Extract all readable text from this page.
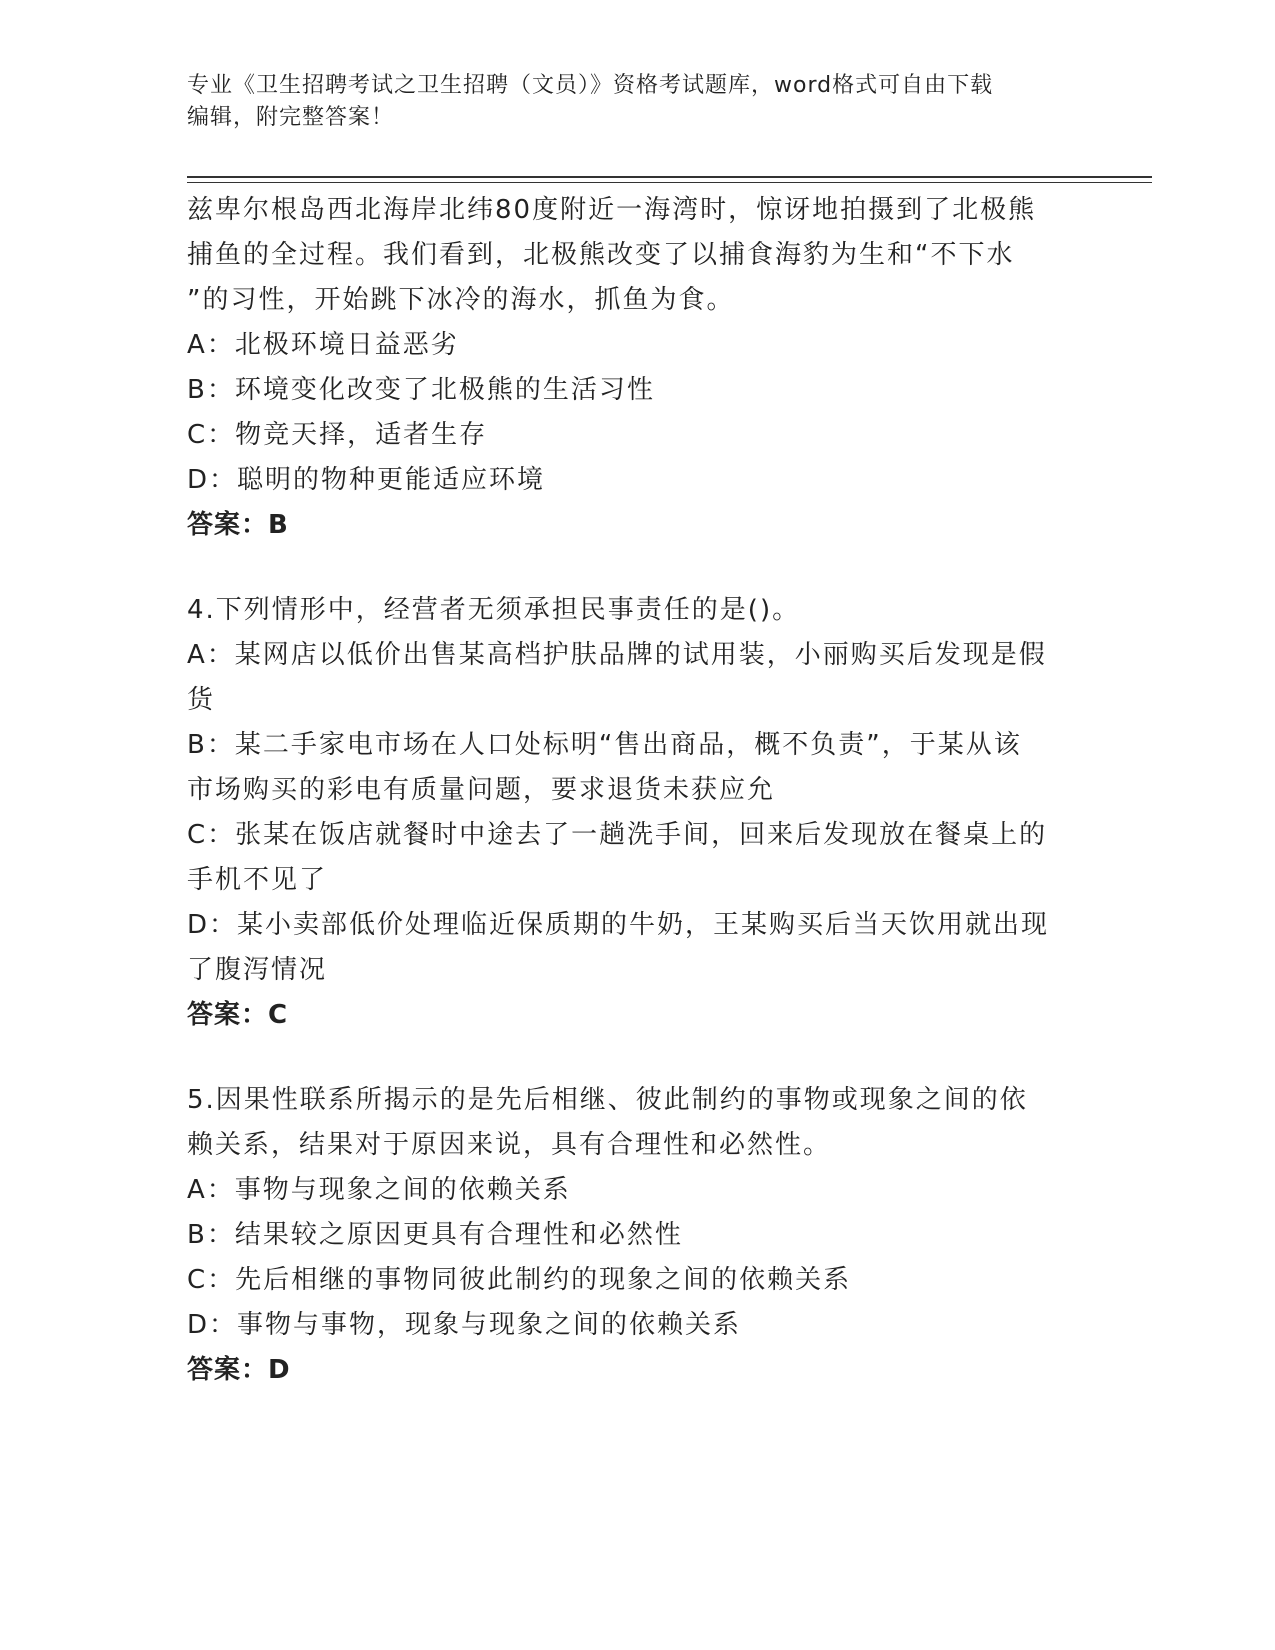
专业《卫生招聘考试之卫生招聘（文员）》资格考试题库，word格式可自由下载
编辑，附完整答案！
兹卑尔根岛西北海岸北纬80度附近一海湾时，惊讶地拍摄到了北极熊
捕鱼的全过程。我们看到，北极熊改变了以捕食海豹为生和“不下水
”的习性，开始跳下冰冷的海水，抓鱼为食。
A：北极环境日益恶劣
B：环境变化改变了北极熊的生活习性
C：物竞天择，适者生存
D：聪明的物种更能适应环境
答案：B
4.下列情形中，经营者无须承担民事责任的是()。
A：某网店以低价出售某高档护肤品牌的试用装，小丽购买后发现是假
货
B：某二手家电市场在人口处标明“售出商品，概不负责”，于某从该
市场购买的彩电有质量问题，要求退货未获应允
C：张某在饭店就餐时中途去了一趟洗手间，回来后发现放在餐桌上的
手机不见了
D：某小卖部低价处理临近保质期的牛奶，王某购买后当天饮用就出现
了腹泻情况
答案：C
5.因果性联系所揭示的是先后相继、彼此制约的事物或现象之间的依
赖关系，结果对于原因来说，具有合理性和必然性。
A：事物与现象之间的依赖关系
B：结果较之原因更具有合理性和必然性
C：先后相继的事物同彼此制约的现象之间的依赖关系
D：事物与事物，现象与现象之间的依赖关系
答案：D
